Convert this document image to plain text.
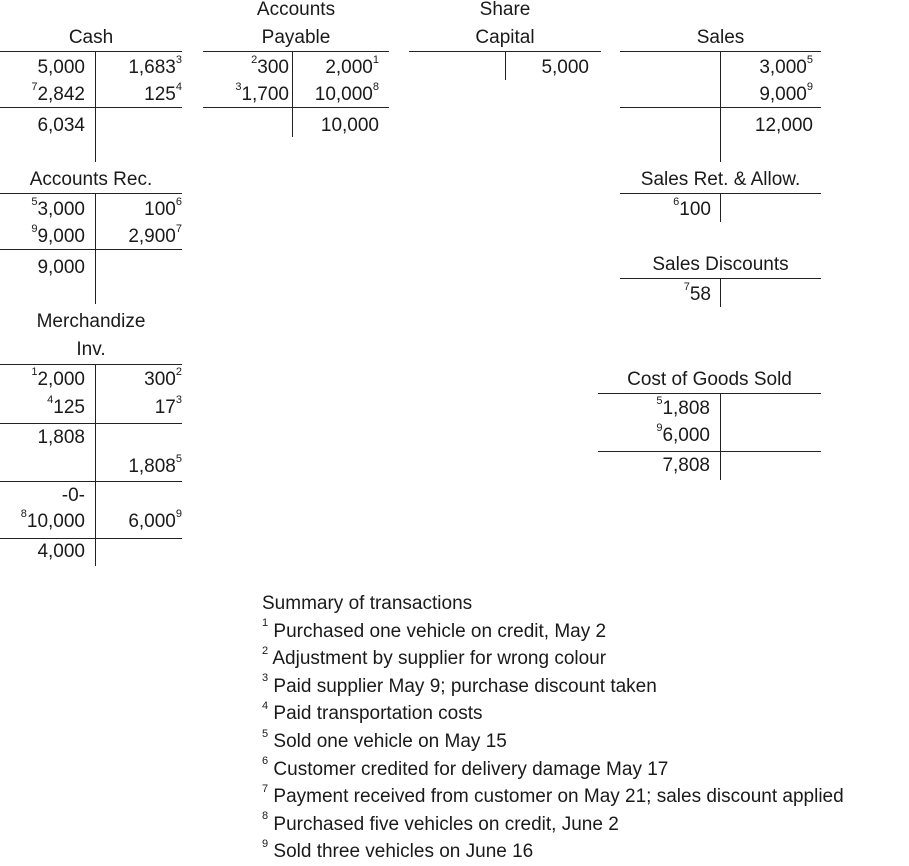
Cash
5,000
$^7$2,842
6,034
1,683$^3$
$125^4$
Accounts
Payable
$^2$300
$^3$1,700
2,000$^1$
10,000$^8$
10,000
Share
Capital
5,000
Sales
3,000$^5$
9,000$^9$
12,000
Accounts Rec.
$^5$3,000
$^9$9,000
9,000
$100^6$
2,900$^7$
Sales Ret. & Allow.
$^6$100
Sales Discounts
$^7$58
Merchandize
Inv.
$^1$2,000
$^4$125
1,808
-0-
$^8$10,000
4,000
$300^2$
$17^3$
1,808$^5$
6,000$^9$
Cost of Goods Sold
$^5$1,808
$^9$6,000
7,808
Summary of transactions
$^1$ Purchased one vehicle on credit, May 2
$^2$ Adjustment by supplier for wrong colour
$^3$ Paid supplier May 9; purchase discount taken
$^4$ Paid transportation costs
$^5$ Sold one vehicle on May 15
$^6$ Customer credited for delivery damage May 17
$^7$ Payment received from customer on May 21; sales discount applied
$^8$ Purchased five vehicles on credit, June 2
$^9$ Sold three vehicles on June 16
